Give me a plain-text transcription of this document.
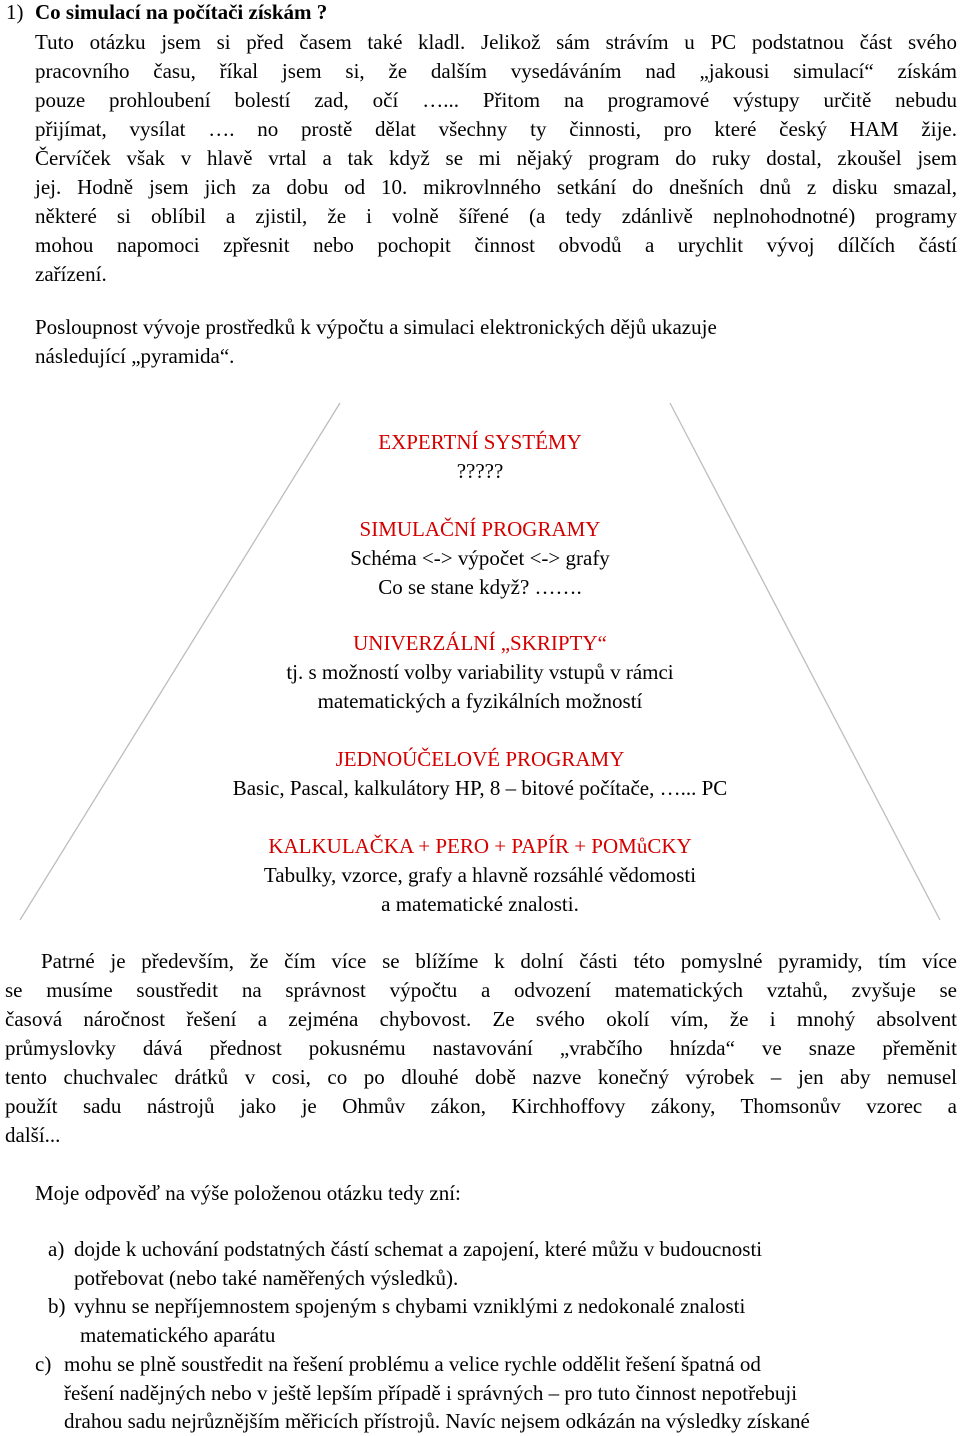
1) Co simulací na počítači získám ?
Tuto otázku jsem si před časem také kladl. Jelikož sám strávím u PC podstatnou část svého
pracovního času, říkal jsem si, že dalším vysedáváním nad „jakousi simulací“ získám
pouze prohloubení bolestí zad, očí …... Přitom na programové výstupy určitě nebudu
přijímat, vysílat …. no prostě dělat všechny ty činnosti, pro které český HAM žije.
Červíček však v hlavě vrtal a tak když se mi nějaký program do ruky dostal, zkoušel jsem
jej. Hodně jsem jich za dobu od 10. mikrovlnného setkání do dnešních dnů z disku smazal,
některé si oblíbil a zjistil, že i volně šířené (a tedy zdánlivě neplnohodnotné) programy
mohou napomoci zpřesnit nebo pochopit činnost obvodů a urychlit vývoj dílčích částí
zařízení.
Posloupnost vývoje prostředků k výpočtu a simulaci elektronických dějů ukazuje
následující „pyramida“.
EXPERTNÍ SYSTÉMY
?????
SIMULAČNÍ PROGRAMY
Schéma <-> výpočet <-> grafy
Co se stane když? …….
UNIVERZÁLNÍ „SKRIPTY“
tj. s možností volby variability vstupů v rámci
matematických a fyzikálních možností
JEDNOÚČELOVÉ PROGRAMY
Basic, Pascal, kalkulátory HP, 8 – bitové počítače, …... PC
KALKULAČKA + PERO + PAPÍR + POMůCKY
Tabulky, vzorce, grafy a hlavně rozsáhlé vědomosti
a matematické znalosti.
Patrné je především, že čím více se blížíme k dolní části této pomyslné pyramidy, tím více
se musíme soustředit na správnost výpočtu a odvození matematických vztahů, zvyšuje se
časová náročnost řešení a zejména chybovost. Ze svého okolí vím, že i mnohý absolvent
průmyslovky dává přednost pokusnému nastavování „vrabčího hnízda“ ve snaze přeměnit
tento chuchvalec drátků v cosi, co po dlouhé době nazve konečný výrobek – jen aby nemusel
použít sadu nástrojů jako je Ohmův zákon, Kirchhoffovy zákony, Thomsonův vzorec a
další...
Moje odpověď na výše položenou otázku tedy zní:
a) dojde k uchování podstatných částí schemat a zapojení, které můžu v budoucnosti
potřebovat (nebo také naměřených výsledků).
b) vyhnu se nepříjemnostem spojeným s chybami vzniklými z nedokonalé znalosti
matematického aparátu
c) mohu se plně soustředit na řešení problému a velice rychle oddělit řešení špatná od
řešení nadějných nebo v ještě lepším případě i správných – pro tuto činnost nepotřebuji
drahou sadu nejrůznějším měřicích přístrojů. Navíc nejsem odkázán na výsledky získané
